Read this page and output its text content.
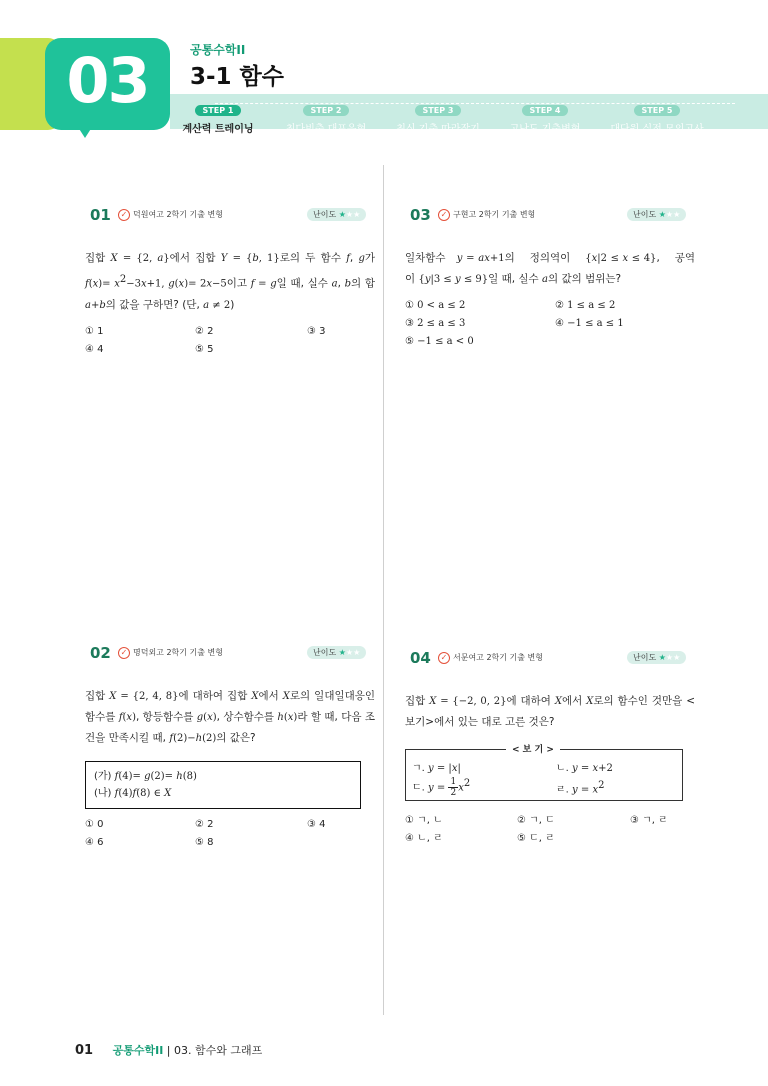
03	공통수학II
3-1 함수
STEP 1
계산력 트레이닝
STEP 2
최다빈출 대표유형
STEP 3
최신 기출 따라잡기
STEP 4
고난도 기출변형
STEP 5
대단원 실전 모의고사
01	✓ 덕원여고 2학기 기출 변형	난이도 ★★★
집합 X = {2, a}에서 집합 Y = {b, 1}로의 두 함수 f, g가 $f(x)= x^2-3x+1$, g(x)= 2x−5이고 f = g일 때, 실수 a, b의 합 a+b의 값을 구하면? (단, a ≠ 2)
① 1	② 2	③ 3
④ 4	⑤ 5
03	✓ 구현고 2학기 기출 변형	난이도 ★★★
일차함수   y = ax+1의    정의역이    {x|2 ≤ x ≤ 4},    공역이 {y|3 ≤ y ≤ 9}일 때, 실수 a의 값의 범위는?
① 0 < a ≤ 2	② 1 ≤ a ≤ 2
③ 2 ≤ a ≤ 3	④ −1 ≤ a ≤ 1
⑤ −1 ≤ a < 0
02	✓ 명덕외고 2학기 기출 변형	난이도 ★★★
집합 X = {2, 4, 8}에 대하여 집합 X에서 X로의 일대일대응인 함수를 f(x), 항등함수를 g(x), 상수함수를 h(x)라 할 때, 다음 조건을 만족시킬 때, f(2)−h(2)의 값은?
(가) f(4)= g(2)= h(8)
(나) f(4)f(8) ∈ X
① 0	② 2	③ 4
④ 6	⑤ 8
04	✓ 서문여고 2학기 기출 변형	난이도 ★★★
집합 X = {−2, 0, 2}에 대하여 X에서 X로의 함수인 것만을 <보기>에서 있는 대로 고른 것은?
< 보 기 >
ㄱ. y = |x|	ㄴ. y = x+2
ㄷ. $y = \frac{1}{2} x^2$
ㄹ. $y = x^2$
① ㄱ, ㄴ	② ㄱ, ㄷ	③ ㄱ, ㄹ
④ ㄴ, ㄹ	⑤ ㄷ, ㄹ
01 공통수학II | 03. 함수와 그래프
